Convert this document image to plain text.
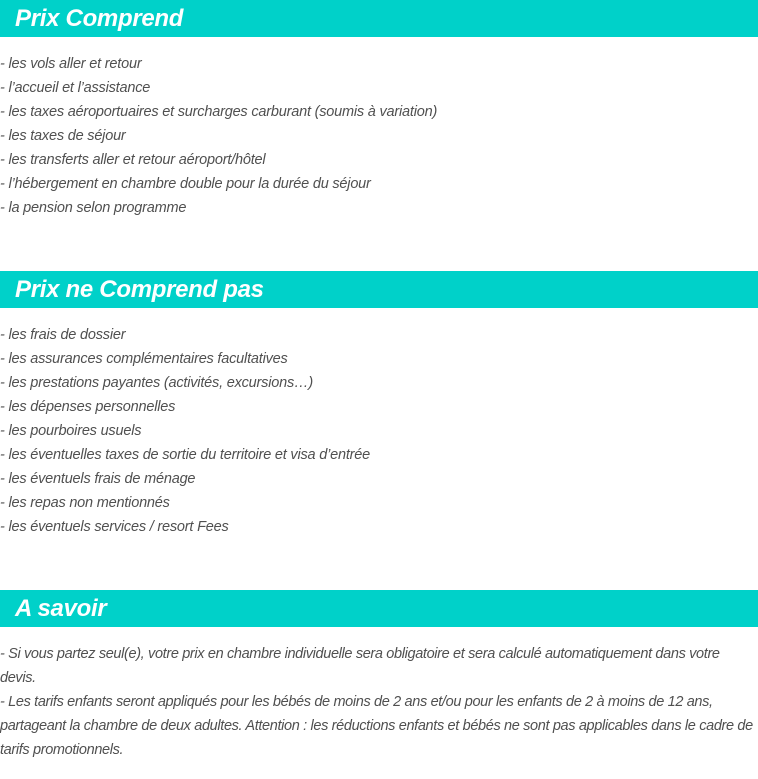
Prix Comprend
- les vols aller et retour
- l’accueil et l’assistance
- les taxes aéroportuaires et surcharges carburant (soumis à variation)
- les taxes de séjour
- les transferts aller et retour aéroport/hôtel
- l’hébergement en chambre double pour la durée du séjour
- la pension selon programme
Prix ne Comprend pas
- les frais de dossier
- les assurances complémentaires facultatives
- les prestations payantes (activités, excursions…)
- les dépenses personnelles
- les pourboires usuels
- les éventuelles taxes de sortie du territoire et visa d’entrée
- les éventuels frais de ménage
- les repas non mentionnés
- les éventuels services / resort Fees
A savoir

- Si vous partez seul(e), votre prix en chambre individuelle sera obligatoire et sera calculé automatiquement dans votre devis.

- Les tarifs enfants seront appliqués pour les bébés de moins de 2 ans et/ou pour les enfants de 2 à moins de 12 ans, partageant la chambre de deux adultes. Attention : les réductions enfants et bébés ne sont pas applicables dans le cadre de tarifs promotionnels.
